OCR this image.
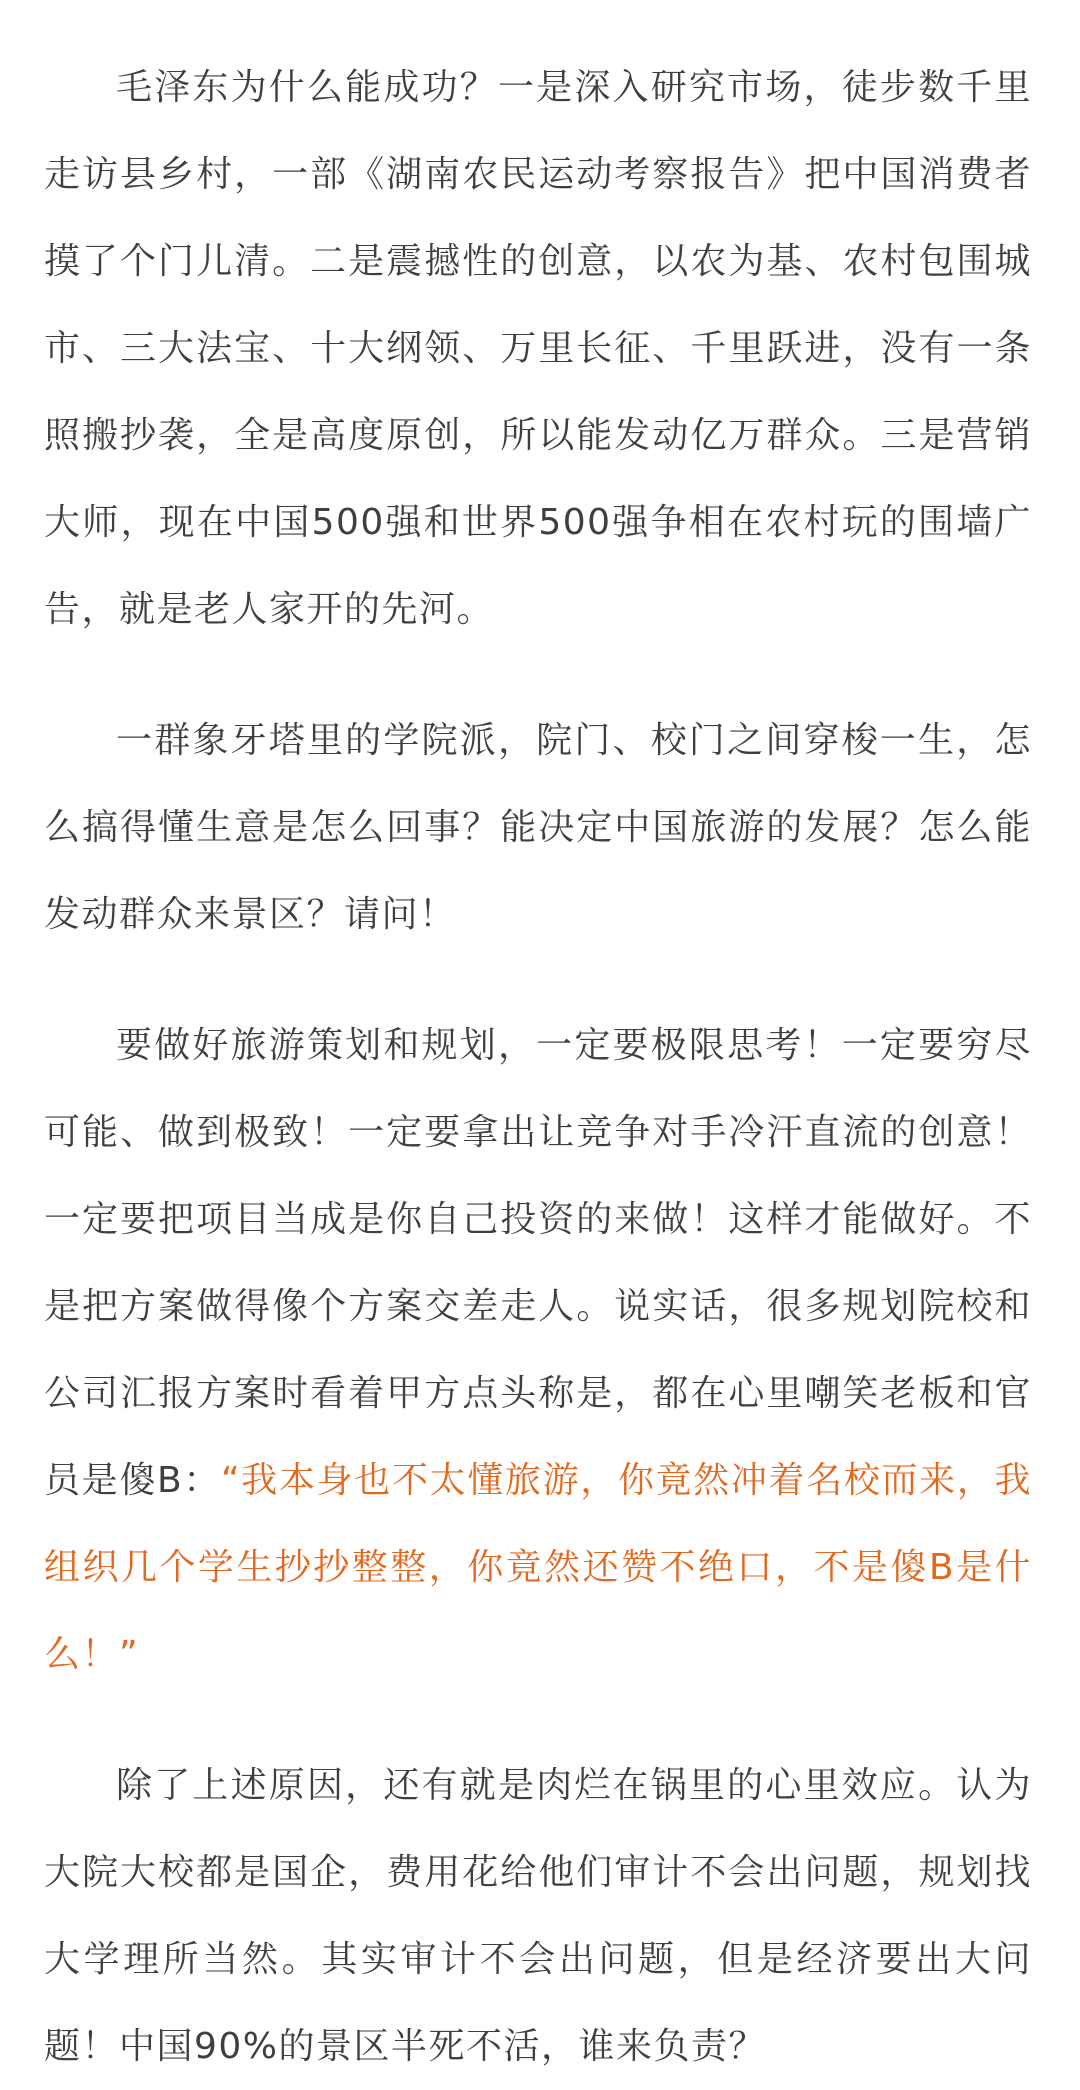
毛泽东为什么能成功？一是深入研究市场，徒步数千里走访县乡村，一部《湖南农民运动考察报告》把中国消费者摸了个门儿清。二是震撼性的创意，以农为基、农村包围城市、三大法宝、十大纲领、万里长征、千里跃进，没有一条照搬抄袭，全是高度原创，所以能发动亿万群众。三是营销大师，现在中国500强和世界500强争相在农村玩的围墙广告，就是老人家开的先河。

一群象牙塔里的学院派，院门、校门之间穿梭一生，怎么搞得懂生意是怎么回事？能决定中国旅游的发展？怎么能发动群众来景区？请问！

要做好旅游策划和规划，一定要极限思考！一定要穷尽可能、做到极致！一定要拿出让竞争对手冷汗直流的创意！一定要把项目当成是你自己投资的来做！这样才能做好。不是把方案做得像个方案交差走人。说实话，很多规划院校和公司汇报方案时看着甲方点头称是，都在心里嘲笑老板和官员是傻B：“我本身也不太懂旅游，你竟然冲着名校而来，我组织几个学生抄抄整整，你竟然还赞不绝口，不是傻B是什么！”

除了上述原因，还有就是肉烂在锅里的心里效应。认为大院大校都是国企，费用花给他们审计不会出问题，规划找大学理所当然。其实审计不会出问题，但是经济要出大问题！中国90%的景区半死不活，谁来负责？
